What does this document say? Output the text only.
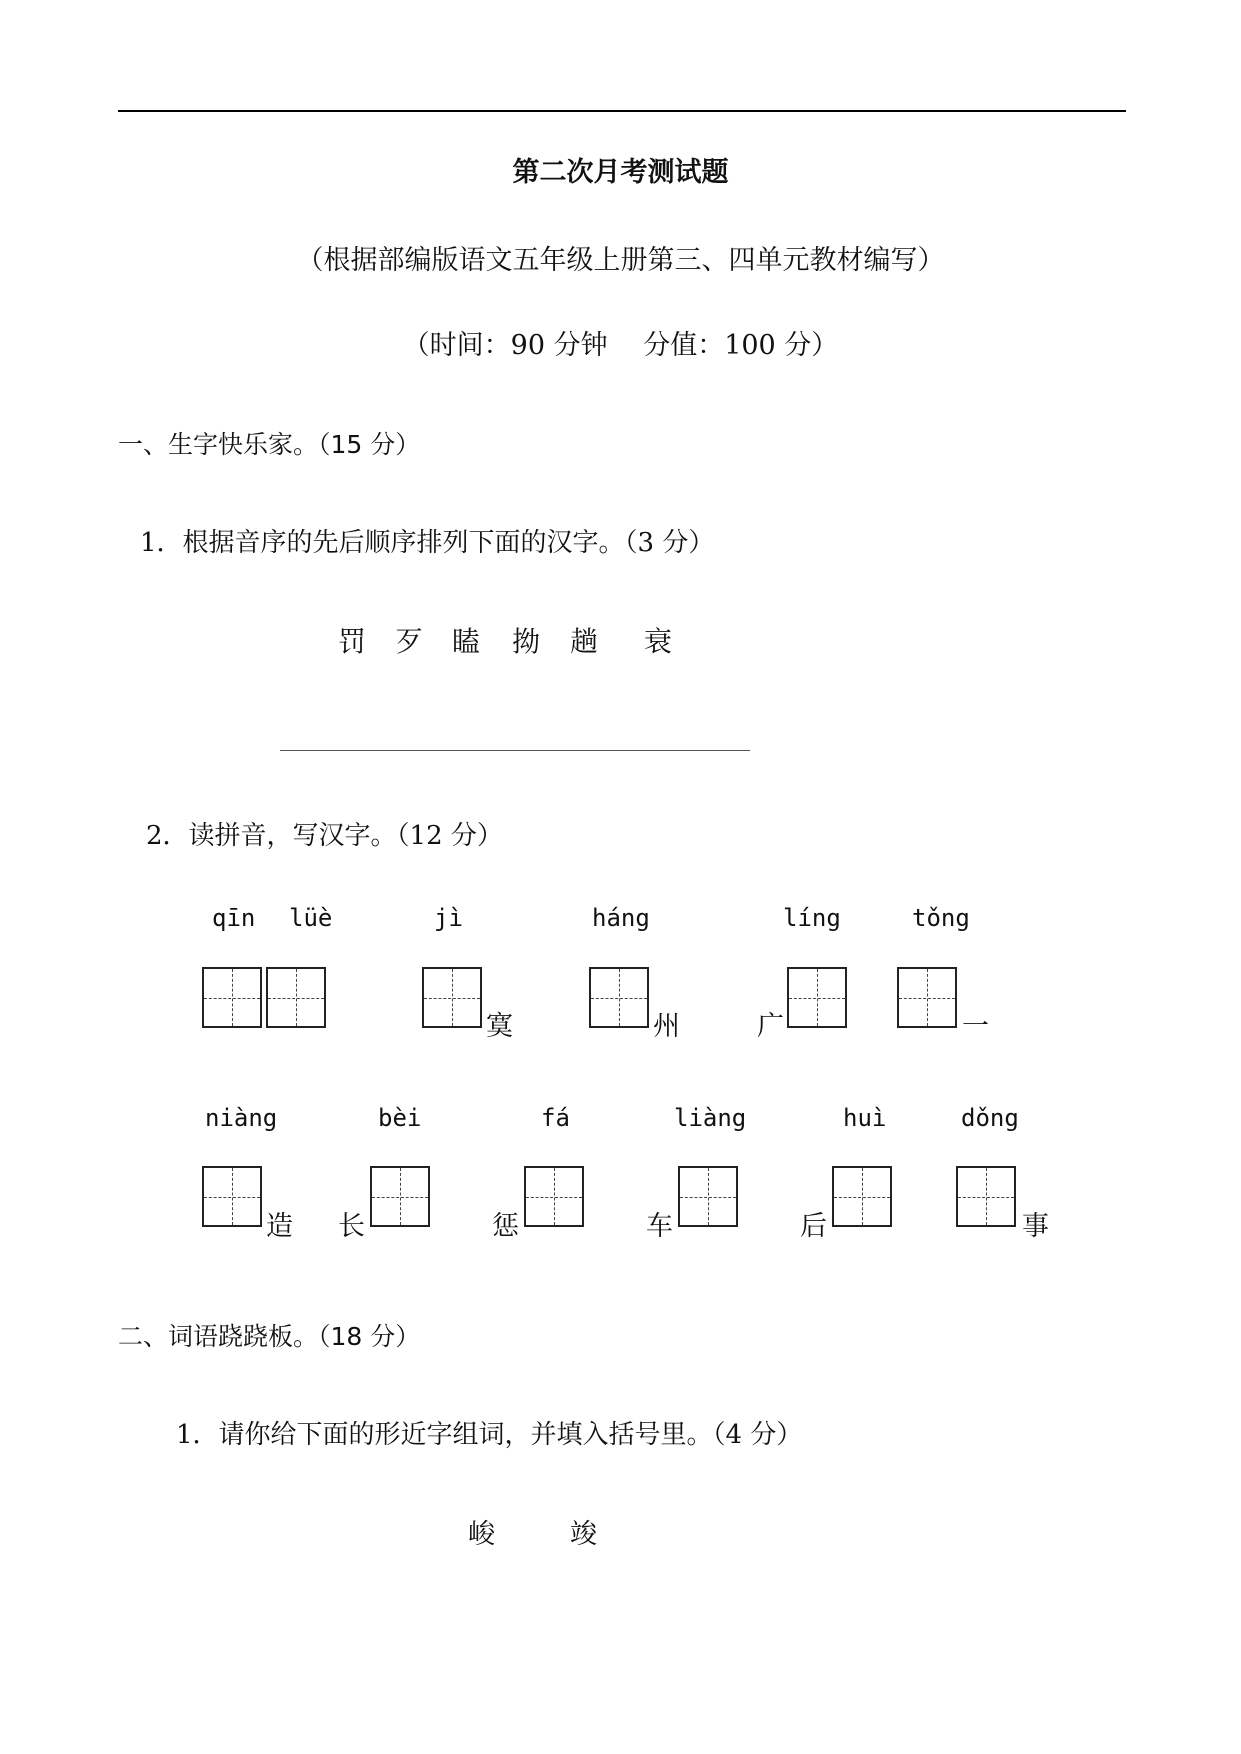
第二次月考测试题
（根据部编版语文五年级上册第三、四单元教材编写）
（时间：90 分钟　 分值：100 分）
一、生字快乐家。（15 分）
1．根据音序的先后顺序排列下面的汉字。（3 分）
罚 歹 瞌 拗 趟 衰
2．读拼音，写汉字。（12 分）
qīn lüè	jì	háng	líng	tǒng
寞	州	广	一
niàng	bèi	fá	liàng	huì	dǒng
造 长	惩	车	后	事
二、词语跷跷板。（18 分）
1．请你给下面的形近字组词，并填入括号里。（4 分）
峻	竣
